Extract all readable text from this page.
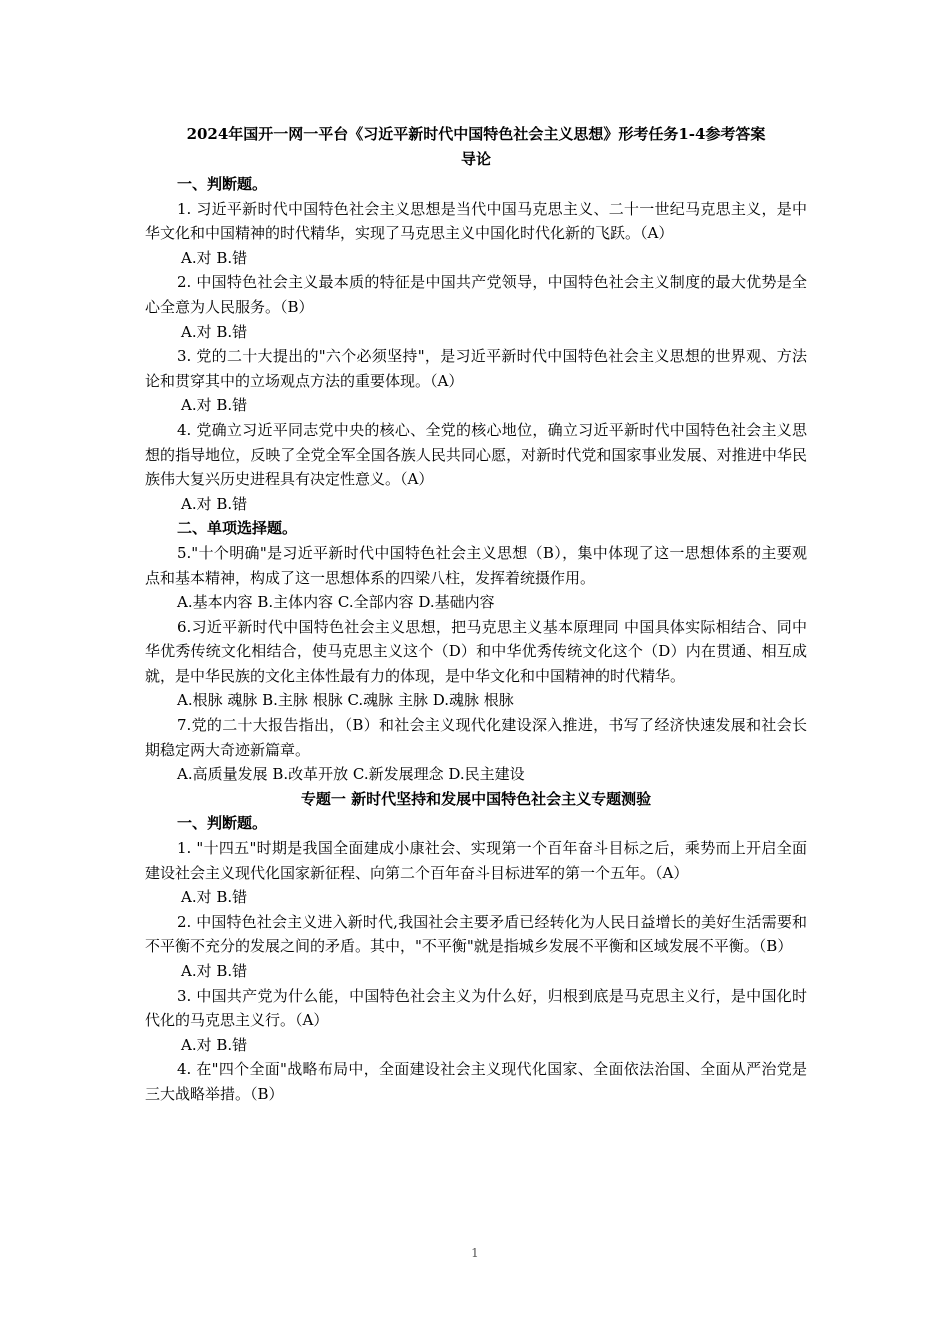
2024年国开一网一平台《习近平新时代中国特色社会主义思想》形考任务1-4参考答案
导论
一、判断题。
1. 习近平新时代中国特色社会主义思想是当代中国马克思主义、二十一世纪马克思主义，是中华文化和中国精神的时代精华，实现了马克思主义中国化时代化新的飞跃。（A）
A.对 B.错
2. 中国特色社会主义最本质的特征是中国共产党领导，中国特色社会主义制度的最大优势是全心全意为人民服务。（B）
A.对 B.错
3. 党的二十大提出的"六个必须坚持"，是习近平新时代中国特色社会主义思想的世界观、方法论和贯穿其中的立场观点方法的重要体现。（A）
A.对 B.错
4. 党确立习近平同志党中央的核心、全党的核心地位，确立习近平新时代中国特色社会主义思想的指导地位，反映了全党全军全国各族人民共同心愿，对新时代党和国家事业发展、对推进中华民族伟大复兴历史进程具有决定性意义。（A）
A.对 B.错
二、单项选择题。
5."十个明确"是习近平新时代中国特色社会主义思想（B），集中体现了这一思想体系的主要观点和基本精神，构成了这一思想体系的四梁八柱，发挥着统摄作用。
A.基本内容 B.主体内容 C.全部内容 D.基础内容
6.习近平新时代中国特色社会主义思想，把马克思主义基本原理同 中国具体实际相结合、同中华优秀传统文化相结合，使马克思主义这个（D）和中华优秀传统文化这个（D）内在贯通、相互成就，是中华民族的文化主体性最有力的体现，是中华文化和中国精神的时代精华。
A.根脉 魂脉 B.主脉 根脉 C.魂脉 主脉 D.魂脉 根脉
7.党的二十大报告指出，（B）和社会主义现代化建设深入推进，书写了经济快速发展和社会长期稳定两大奇迹新篇章。
A.高质量发展 B.改革开放 C.新发展理念 D.民主建设
专题一 新时代坚持和发展中国特色社会主义专题测验
一、判断题。
1. "十四五"时期是我国全面建成小康社会、实现第一个百年奋斗目标之后，乘势而上开启全面建设社会主义现代化国家新征程、向第二个百年奋斗目标进军的第一个五年。（A）
A.对 B.错
2. 中国特色社会主义进入新时代,我国社会主要矛盾已经转化为人民日益增长的美好生活需要和不平衡不充分的发展之间的矛盾。其中，"不平衡"就是指城乡发展不平衡和区域发展不平衡。（B）
A.对 B.错
3. 中国共产党为什么能，中国特色社会主义为什么好，归根到底是马克思主义行，是中国化时代化的马克思主义行。（A）
A.对 B.错
4. 在"四个全面"战略布局中，全面建设社会主义现代化国家、全面依法治国、全面从严治党是三大战略举措。（B）
1
